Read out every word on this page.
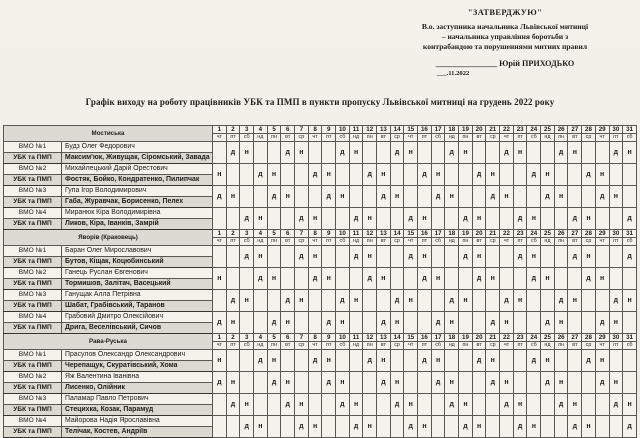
"ЗАТВЕРДЖУЮ"
В.о. заступника начальника Львівської митниці
– начальника управління боротьби з
контрабандою та порушеннями митних правил
_______________ Юрій ПРИХОДЬКО
___.11.2022
Графік виходу на роботу працівників УБК та ПМП в пункти пропуску Львівської митниці на грудень 2022 року
Мостиська		1	2	3	4	5	6	7	8	9	10	11	12	13	14	15	16	17	18	19	20	21	22	23	24	25	26	27	28	29	30	31
		чт	пт	сб	нд	пн	вт	ср	чт	пт	сб	нд	пн	вт	ср	чт	пт	сб	нд	пн	вт	ср	чт	пт	сб	нд	пн	вт	ср	чт	пт	сб
ВМО №1	Будз Олег Федорович		д	н			д	н			д	н			д	н			д	н			д	н			д	н			д	н
УБК та ПМП	Максим'юк, Живущак, Сіромський, Завада																															
ВМО №2	Михайлецький Дарій Орестович	н			д	н			д	н			д	н			д	н			д	н			д	н			д	н		
УБК та ПМП	Фостяк, Бойко, Кондратенко, Пилипчак																															
ВМО №3	Гупа Ігор Володимирович	д	н			д	н			д	н			д	н			д	н			д	н			д	н			д	н	
УБК та ПМП	Габа, Журавчак, Борисенко, Пелех																															
ВМО №4	Миранюк Кіра Володимирівна			д	н			д	н			д	н			д	н			д	н			д	н			д	н			д
УБК та ПМП	Ликов, Кіра, Іванків, Замрій																															
Яворів (Краковець)		1	2	3	4	5	6	7	8	9	10	11	12	13	14	15	16	17	18	19	20	21	22	23	24	25	26	27	28	29	30	31
		чт	пт	сб	нд	пн	вт	ср	чт	пт	сб	нд	пн	вт	ср	чт	пт	сб	нд	пн	вт	ср	чт	пт	сб	нд	пн	вт	ср	чт	пт	сб
ВМО №1	Баран Олег Мирославович			д	н			д	н			д	н			д	н			д	н			д	н			д	н			д
УБК та ПМП	Бутов, Кіщак, Коцюбинський																															
ВМО №2	Ганець Руслан Євгенович	н			д	н			д	н			д	н			д	н			д	н			д	н			д	н		
УБК та ПМП	Тормишов, Залітач, Васецький																															
ВМО №3	Ганущак Алла Петрівна		д	н			д	н			д	н			д	н			д	н			д	н			д	н			д	н
УБК та ПМП	Шабат, Грабівський, Таранов																															
ВМО №4	Грабовий Дмитро Олексійович	д	н			д	н			д	н			д	н			д	н			д	н			д	н			д	н	
УБК та ПМП	Дрига, Веселівський, Сичов																															
Рава-Руська		1	2	3	4	5	6	7	8	9	10	11	12	13	14	15	16	17	18	19	20	21	22	23	24	25	26	27	28	29	30	31
		чт	пт	сб	нд	пн	вт	ср	чт	пт	сб	нд	пн	вт	ср	чт	пт	сб	нд	пн	вт	ср	чт	пт	сб	нд	пн	вт	ср	чт	пт	сб
ВМО №1	Прасулов Олександр Олександрович	н			д	н			д	н			д	н			д	н			д	н			д	н			д	н		
УБК та ПМП	Черепащук, Скуратівський, Хома																															
ВМО №2	Яж Валентина Іванівна	д	н			д	н			д	н			д	н			д	н			д	н			д	н			д	н	
УБК та ПМП	Лисенко, Олійник																															
ВМО №3	Паламар Павло Петрович		д	н			д	н			д	н			д	н			д	н			д	н			д	н			д	н
УБК та ПМП	Стецихка, Козак, Парамуд																															
ВМО №4	Майорова Надія Ярославівна			д	н			д	н			д	н			д	н			д	н			д	н			д	н			д
УБК та ПМП	Телічак, Костев, Андріїв																															
